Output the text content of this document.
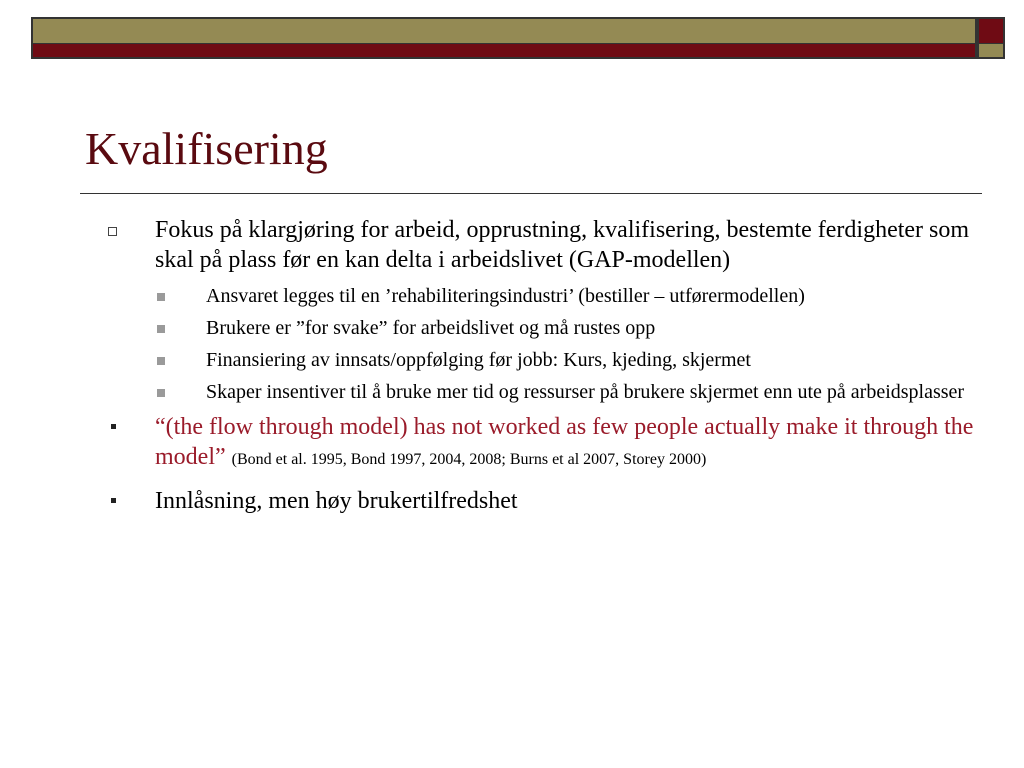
Kvalifisering
Fokus på klargjøring for arbeid, opprustning, kvalifisering, bestemte ferdigheter som skal på plass før en kan delta i arbeidslivet (GAP-modellen)
Ansvaret legges til en ’rehabiliteringsindustri’ (bestiller – utførermodellen)
Brukere er ”for svake” for arbeidslivet og må rustes opp
Finansiering av innsats/oppfølging før jobb: Kurs, kjeding, skjermet
Skaper insentiver til å bruke mer tid og ressurser på brukere skjermet enn ute på arbeidsplasser
“(the flow through model) has not worked as few people actually make it through the model” (Bond et al. 1995, Bond 1997, 2004, 2008; Burns et al 2007, Storey 2000)
Innlåsning, men høy brukertilfredshet
